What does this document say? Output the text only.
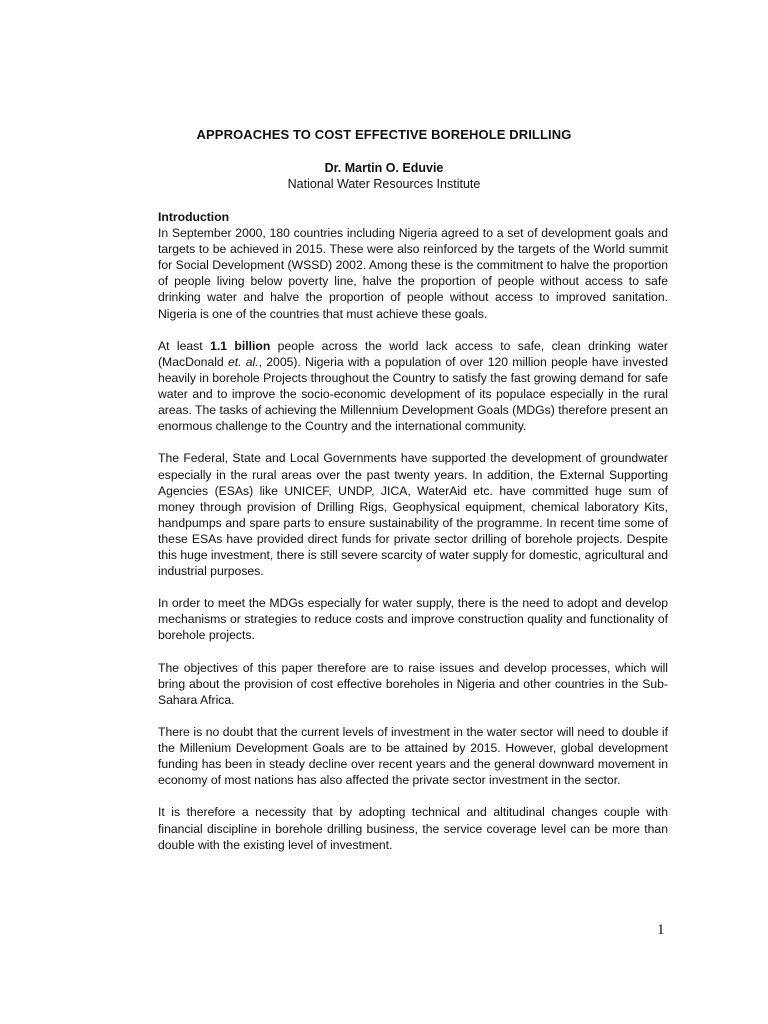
APPROACHES TO COST EFFECTIVE BOREHOLE DRILLING
Dr. Martin O. Eduvie
National Water Resources Institute
Introduction

In September 2000, 180 countries including Nigeria agreed to a set of development goals and targets to be achieved in 2015. These were also reinforced by the targets of the World summit for Social Development (WSSD) 2002. Among these is the commitment to halve the proportion of people living below poverty line, halve the proportion of people without access to safe drinking water and halve the proportion of people without access to improved sanitation. Nigeria is one of the countries that must achieve these goals.

At least 1.1 billion people across the world lack access to safe, clean drinking water (MacDonald et. al., 2005). Nigeria with a population of over 120 million people have invested heavily in borehole Projects throughout the Country to satisfy the fast growing demand for safe water and to improve the socio-economic development of its populace especially in the rural areas. The tasks of achieving the Millennium Development Goals (MDGs) therefore present an enormous challenge to the Country and the international community.

The Federal, State and Local Governments have supported the development of groundwater especially in the rural areas over the past twenty years. In addition, the External Supporting Agencies (ESAs) like UNICEF, UNDP, JICA, WaterAid etc. have committed huge sum of money through provision of Drilling Rigs, Geophysical equipment, chemical laboratory Kits, handpumps and spare parts to ensure sustainability of the programme. In recent time some of these ESAs have provided direct funds for private sector drilling of borehole projects. Despite this huge investment, there is still severe scarcity of water supply for domestic, agricultural and industrial purposes.

In order to meet the MDGs especially for water supply, there is the need to adopt and develop mechanisms or strategies to reduce costs and improve construction quality and functionality of borehole projects.

The objectives of this paper therefore are to raise issues and develop processes, which will bring about the provision of cost effective boreholes in Nigeria and other countries in the Sub-Sahara Africa.

There is no doubt that the current levels of investment in the water sector will need to double if the Millenium Development Goals are to be attained by 2015. However, global development funding has been in steady decline over recent years and the general downward movement in economy of most nations has also affected the private sector investment in the sector.

It is therefore a necessity that by adopting technical and altitudinal changes couple with financial discipline in borehole drilling business, the service coverage level can be more than double with the existing level of investment.

1
